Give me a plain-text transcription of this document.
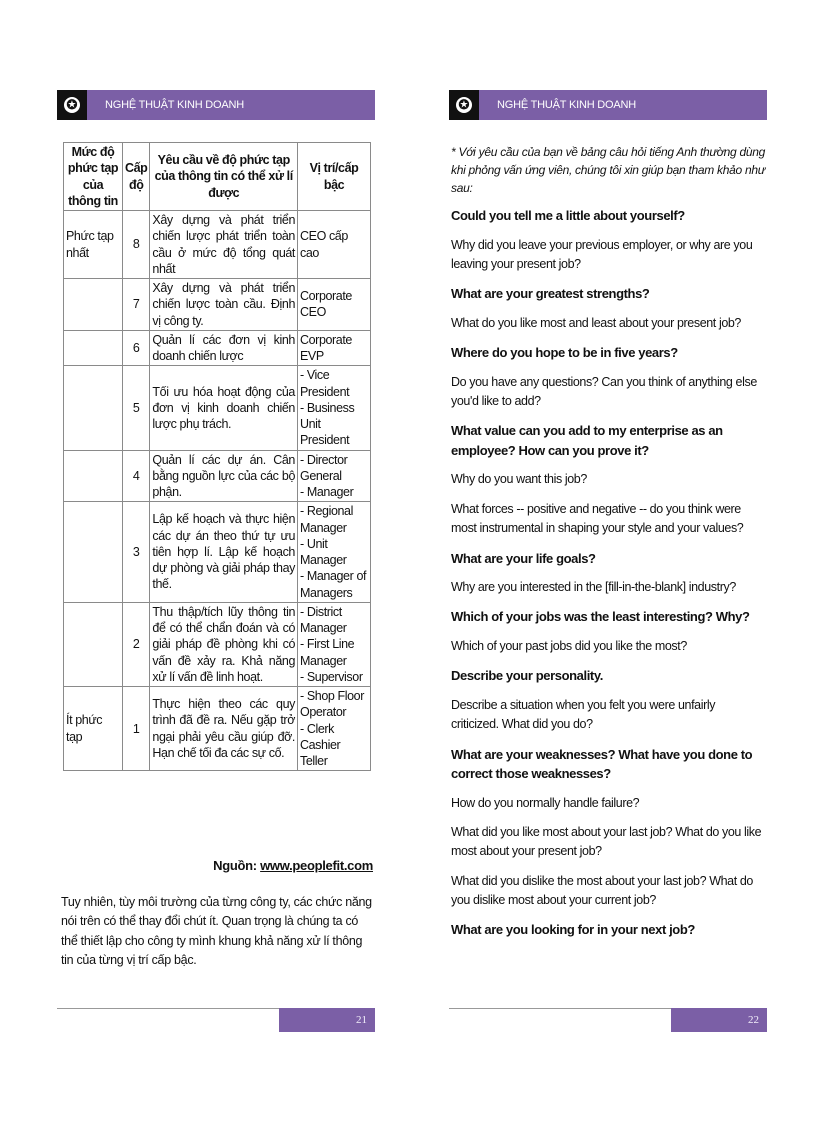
✪	NGHỆ THUẬT KINH DOANH
Mức độ phức tạp của thông tin	Cấp độ	Yêu cầu về độ phức tạp của thông tin có thể xử lí được	Vị trí/cấp bậc
Phức tạp nhất	8	Xây dựng và phát triển chiến lược phát triển toàn cầu ở mức độ tổng quát nhất	CEO cấp cao

	7	Xây dựng và phát triển chiến lược toàn cầu. Định vị công ty.	Corporate CEO

	6	Quản lí các đơn vị kinh doanh chiến lược	Corporate EVP

	5	Tối ưu hóa hoạt động của đơn vị kinh doanh chiến lược phụ trách.	- Vice President
- Business Unit President

	4	Quản lí các dự án. Cân bằng nguồn lực của các bộ phận.	- Director General
- Manager

	3	Lập kế hoạch và thực hiện các dự án theo thứ tự ưu tiên hợp lí. Lập kế hoạch dự phòng và giải pháp thay thế.	- Regional Manager
- Unit Manager
- Manager of Managers

	2	Thu thập/tích lũy thông tin để có thể chẩn đoán và có giải pháp đề phòng khi có vấn đề xảy ra. Khả năng xử lí vấn đề linh hoạt.	- District Manager
- First Line Manager
- Supervisor

Ít phức tạp	1	Thực hiện theo các quy trình đã đề ra. Nếu gặp trở ngại phải yêu cầu giúp đỡ. Hạn chế tối đa các sự cố.	- Shop Floor Operator
- Clerk Cashier Teller
Nguồn: www.peoplefit.com

Tuy nhiên, tùy môi trường của từng công ty, các chức năng nói trên có thể thay đổi chút ít. Quan trọng là chúng ta có thể thiết lập cho công ty mình khung khả năng xử lí thông tin của từng vị trí cấp bậc.

21
✪	NGHỆ THUẬT KINH DOANH

* Với yêu cầu của bạn về bảng câu hỏi tiếng Anh thường dùng khi phỏng vấn ứng viên, chúng tôi xin giúp bạn tham khảo như sau:

Could you tell me a little about yourself?

Why did you leave your previous employer, or why are you leaving your present job?

What are your greatest strengths?

What do you like most and least about your present job?

Where do you hope to be in five years?

Do you have any questions? Can you think of anything else you'd like to add?

What value can you add to my enterprise as an employee? How can you prove it?

Why do you want this job?

What forces -- positive and negative -- do you think were most instrumental in shaping your style and your values?

What are your life goals?

Why are you interested in the [fill-in-the-blank] industry?

Which of your jobs was the least interesting? Why?

Which of your past jobs did you like the most?

Describe your personality.

Describe a situation when you felt you were unfairly criticized. What did you do?

What are your weaknesses? What have you done to correct those weaknesses?

How do you normally handle failure?

What did you like most about your last job? What do you like most about your present job?

What did you dislike the most about your last job? What do you dislike most about your current job?

What are you looking for in your next job?

22
